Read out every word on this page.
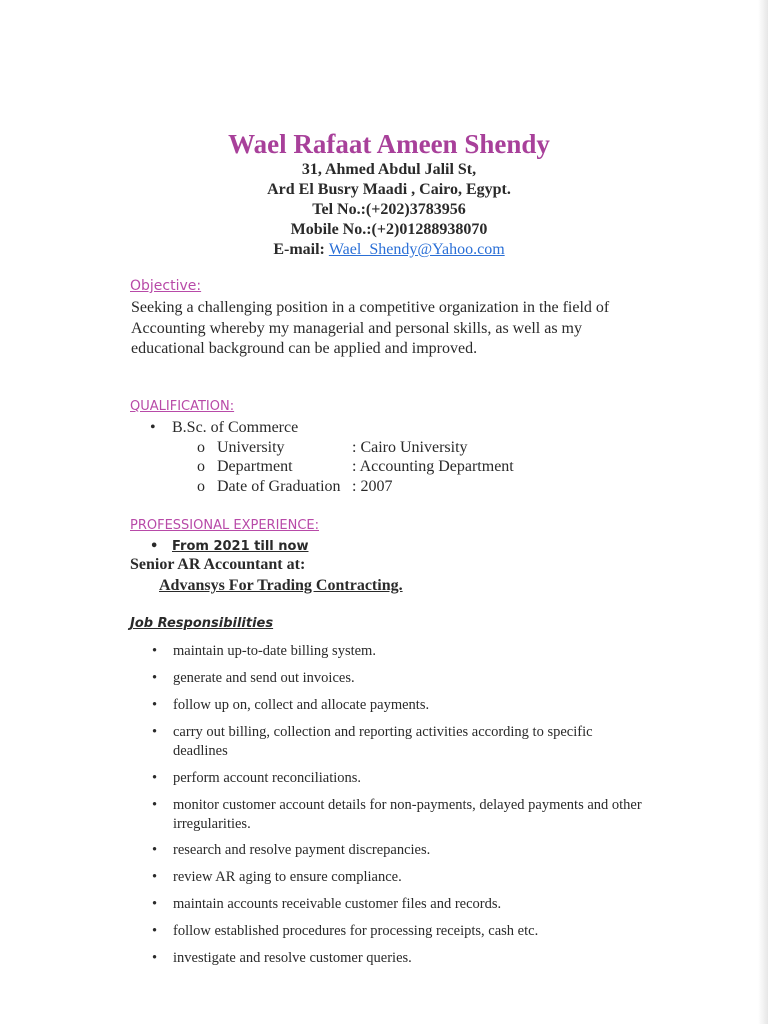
Wael Rafaat Ameen Shendy
31, Ahmed Abdul Jalil St,
Ard El Busry Maadi , Cairo, Egypt.
Tel No.:(+202)3783956
Mobile No.:(+2)01288938070
E-mail: Wael_Shendy@Yahoo.com
Objective:
Seeking a challenging position in a competitive organization in the field of Accounting whereby my managerial and personal skills, as well as my educational background can be applied and improved.
QUALIFICATION:
• B.Sc. of Commerce
o University	: Cairo University
o Department	: Accounting Department
o Date of Graduation : 2007
PROFESSIONAL EXPERIENCE:
• From 2021 till now
Senior AR Accountant at:
Advansys For Trading Contracting.
Job Responsibilities
• maintain up-to-date billing system.
• generate and send out invoices.
• follow up on, collect and allocate payments.
• carry out billing, collection and reporting activities according to specific deadlines
• perform account reconciliations.
• monitor customer account details for non-payments, delayed payments and other irregularities.
• research and resolve payment discrepancies.
• review AR aging to ensure compliance.
• maintain accounts receivable customer files and records.
• follow established procedures for processing receipts, cash etc.
• investigate and resolve customer queries.
